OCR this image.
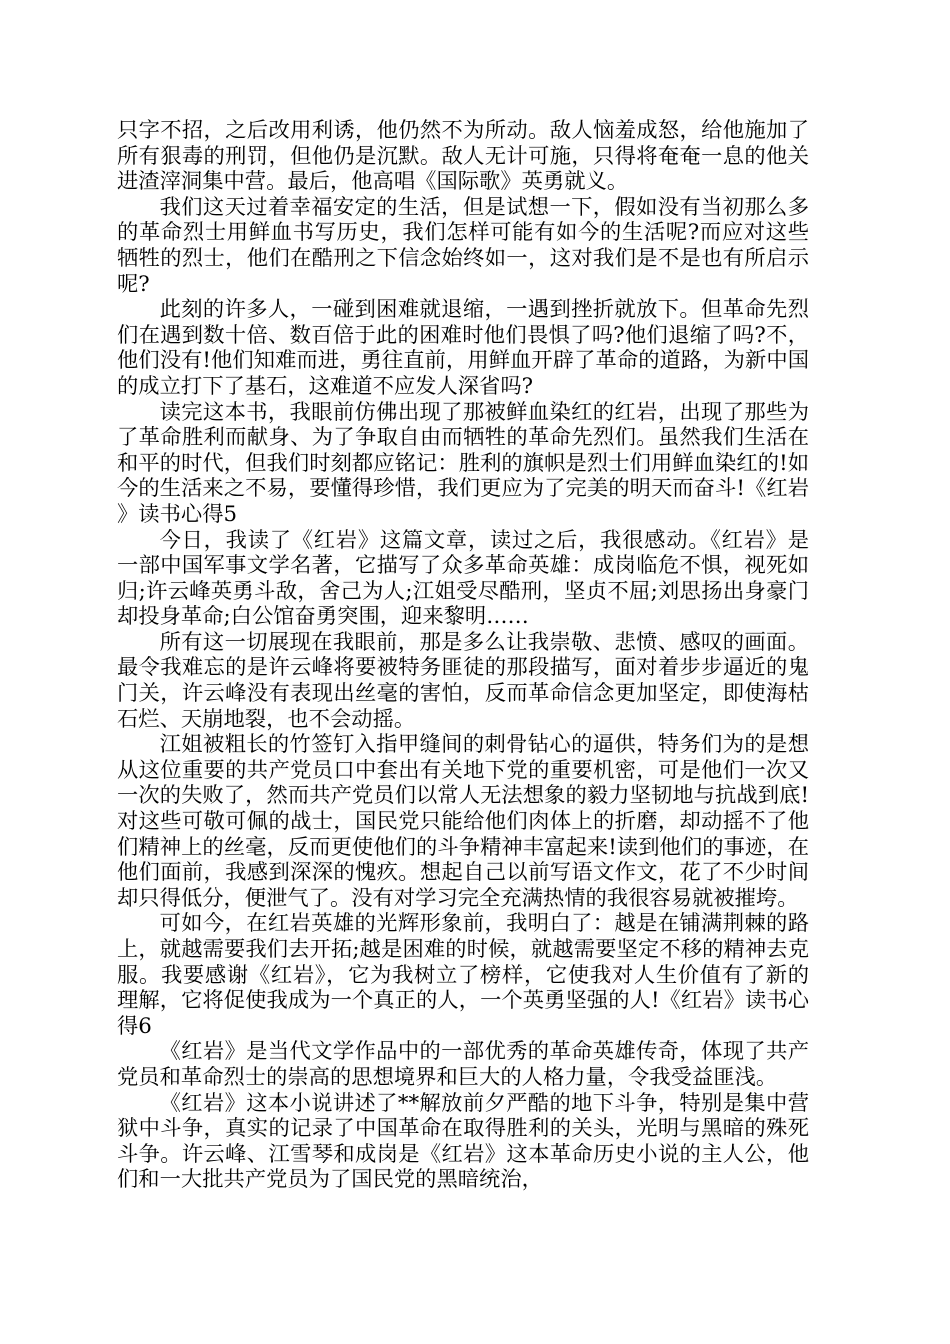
只字不招，之后改用利诱，他仍然不为所动。敌人恼羞成怒，给他施加了所有狠毒的刑罚，但他仍是沉默。敌人无计可施，只得将奄奄一息的他关进渣滓洞集中营。最后，他高唱《国际歌》英勇就义。

我们这天过着幸福安定的生活，但是试想一下，假如没有当初那么多的革命烈士用鲜血书写历史，我们怎样可能有如今的生活呢?而应对这些牺牲的烈士，他们在酷刑之下信念始终如一，这对我们是不是也有所启示呢?

此刻的许多人，一碰到困难就退缩，一遇到挫折就放下。但革命先烈们在遇到数十倍、数百倍于此的困难时他们畏惧了吗?他们退缩了吗?不，他们没有!他们知难而进，勇往直前，用鲜血开辟了革命的道路，为新中国的成立打下了基石，这难道不应发人深省吗?

读完这本书，我眼前仿佛出现了那被鲜血染红的红岩，出现了那些为了革命胜利而献身、为了争取自由而牺牲的革命先烈们。虽然我们生活在和平的时代，但我们时刻都应铭记：胜利的旗帜是烈士们用鲜血染红的!如今的生活来之不易，要懂得珍惜，我们更应为了完美的明天而奋斗!《红岩》读书心得5

今日，我读了《红岩》这篇文章，读过之后，我很感动。《红岩》是一部中国军事文学名著，它描写了众多革命英雄：成岗临危不惧，视死如归;许云峰英勇斗敌，舍己为人;江姐受尽酷刑，坚贞不屈;刘思扬出身豪门却投身革命;白公馆奋勇突围，迎来黎明……

所有这一切展现在我眼前，那是多么让我崇敬、悲愤、感叹的画面。最令我难忘的是许云峰将要被特务匪徒的那段描写，面对着步步逼近的鬼门关，许云峰没有表现出丝毫的害怕，反而革命信念更加坚定，即使海枯石烂、天崩地裂，也不会动摇。

江姐被粗长的竹签钉入指甲缝间的刺骨钻心的逼供，特务们为的是想从这位重要的共产党员口中套出有关地下党的重要机密，可是他们一次又一次的失败了，然而共产党员们以常人无法想象的毅力坚韧地与抗战到底!对这些可敬可佩的战士，国民党只能给他们肉体上的折磨，却动摇不了他们精神上的丝毫，反而更使他们的斗争精神丰富起来!读到他们的事迹，在他们面前，我感到深深的愧疚。想起自己以前写语文作文，花了不少时间却只得低分，便泄气了。没有对学习完全充满热情的我很容易就被摧垮。

可如今，在红岩英雄的光辉形象前，我明白了：越是在铺满荆棘的路上，就越需要我们去开拓;越是困难的时候，就越需要坚定不移的精神去克服。我要感谢《红岩》，它为我树立了榜样，它使我对人生价值有了新的理解，它将促使我成为一个真正的人，一个英勇坚强的人!《红岩》读书心得6

《红岩》是当代文学作品中的一部优秀的革命英雄传奇，体现了共产党员和革命烈士的崇高的思想境界和巨大的人格力量，令我受益匪浅。

《红岩》这本小说讲述了**解放前夕严酷的地下斗争，特别是集中营狱中斗争，真实的记录了中国革命在取得胜利的关头，光明与黑暗的殊死斗争。许云峰、江雪琴和成岗是《红岩》这本革命历史小说的主人公，他们和一大批共产党员为了国民党的黑暗统治，
